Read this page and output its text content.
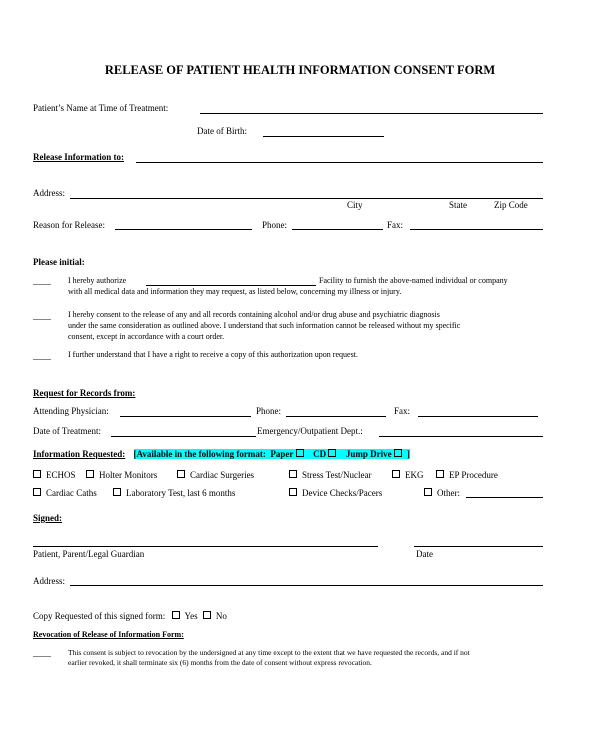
RELEASE OF PATIENT HEALTH INFORMATION CONSENT FORM
Patient’s Name at Time of Treatment:
Date of Birth:
Release Information to:
Address:
City	State	Zip Code
Reason for Release:	Phone:	Fax:
Please initial:
____ I hereby authorize	Facility to furnish the above-named individual or company
with all medical data and information they may request, as listed below, concerning my illness or injury.
____ I hereby consent to the release of any and all records containing alcohol and/or drug abuse and psychiatric diagnosis
under the same consideration as outlined above. I understand that such information cannot be released without my specific
consent, except in accordance with a court order.
____ I further understand that I have a right to receive a copy of this authorization upon request.
Request for Records from:
Attending Physician:	Phone:	Fax:
Date of Treatment:	Emergency/Outpatient Dept.:
Information Requested: [Available in the following format: Paper CD Jump Drive ]
ECHOS	Holter Monitors	Cardiac Surgeries	Stress Test/Nuclear	EKG	EP Procedure
Cardiac Caths	Laboratory Test, last 6 months	Device Checks/Pacers	Other:
Signed:
Patient, Parent/Legal Guardian	Date
Address:
Copy Requested of this signed form: Yes No
Revocation of Release of Information Form:
____ This consent is subject to revocation by the undersigned at any time except to the extent that we have requested the records, and if not
earlier revoked, it shall terminate six (6) months from the date of consent without express revocation.
